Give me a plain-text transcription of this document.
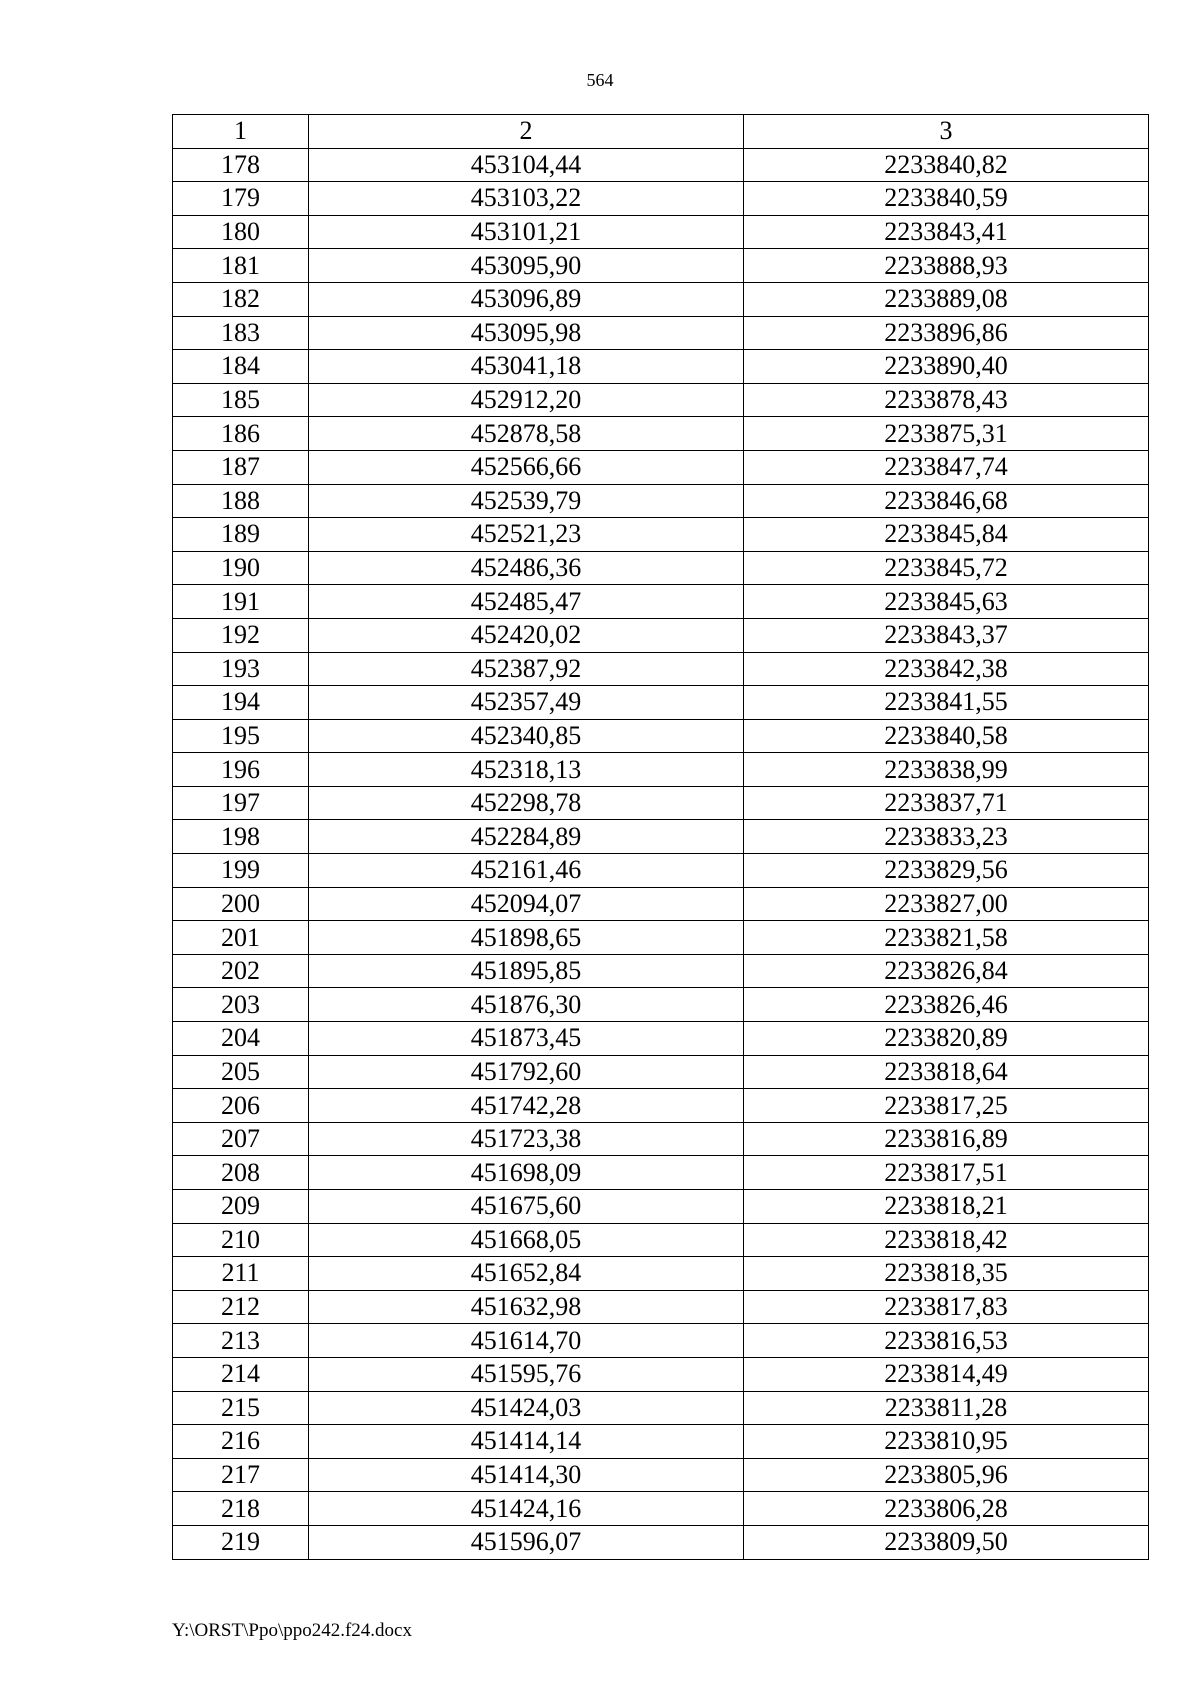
564
1	2	3
178	453104,44	2233840,82
179	453103,22	2233840,59
180	453101,21	2233843,41
181	453095,90	2233888,93
182	453096,89	2233889,08
183	453095,98	2233896,86
184	453041,18	2233890,40
185	452912,20	2233878,43
186	452878,58	2233875,31
187	452566,66	2233847,74
188	452539,79	2233846,68
189	452521,23	2233845,84
190	452486,36	2233845,72
191	452485,47	2233845,63
192	452420,02	2233843,37
193	452387,92	2233842,38
194	452357,49	2233841,55
195	452340,85	2233840,58
196	452318,13	2233838,99
197	452298,78	2233837,71
198	452284,89	2233833,23
199	452161,46	2233829,56
200	452094,07	2233827,00
201	451898,65	2233821,58
202	451895,85	2233826,84
203	451876,30	2233826,46
204	451873,45	2233820,89
205	451792,60	2233818,64
206	451742,28	2233817,25
207	451723,38	2233816,89
208	451698,09	2233817,51
209	451675,60	2233818,21
210	451668,05	2233818,42
211	451652,84	2233818,35
212	451632,98	2233817,83
213	451614,70	2233816,53
214	451595,76	2233814,49
215	451424,03	2233811,28
216	451414,14	2233810,95
217	451414,30	2233805,96
218	451424,16	2233806,28
219	451596,07	2233809,50
Y:\ORST\Ppo\ppo242.f24.docx
